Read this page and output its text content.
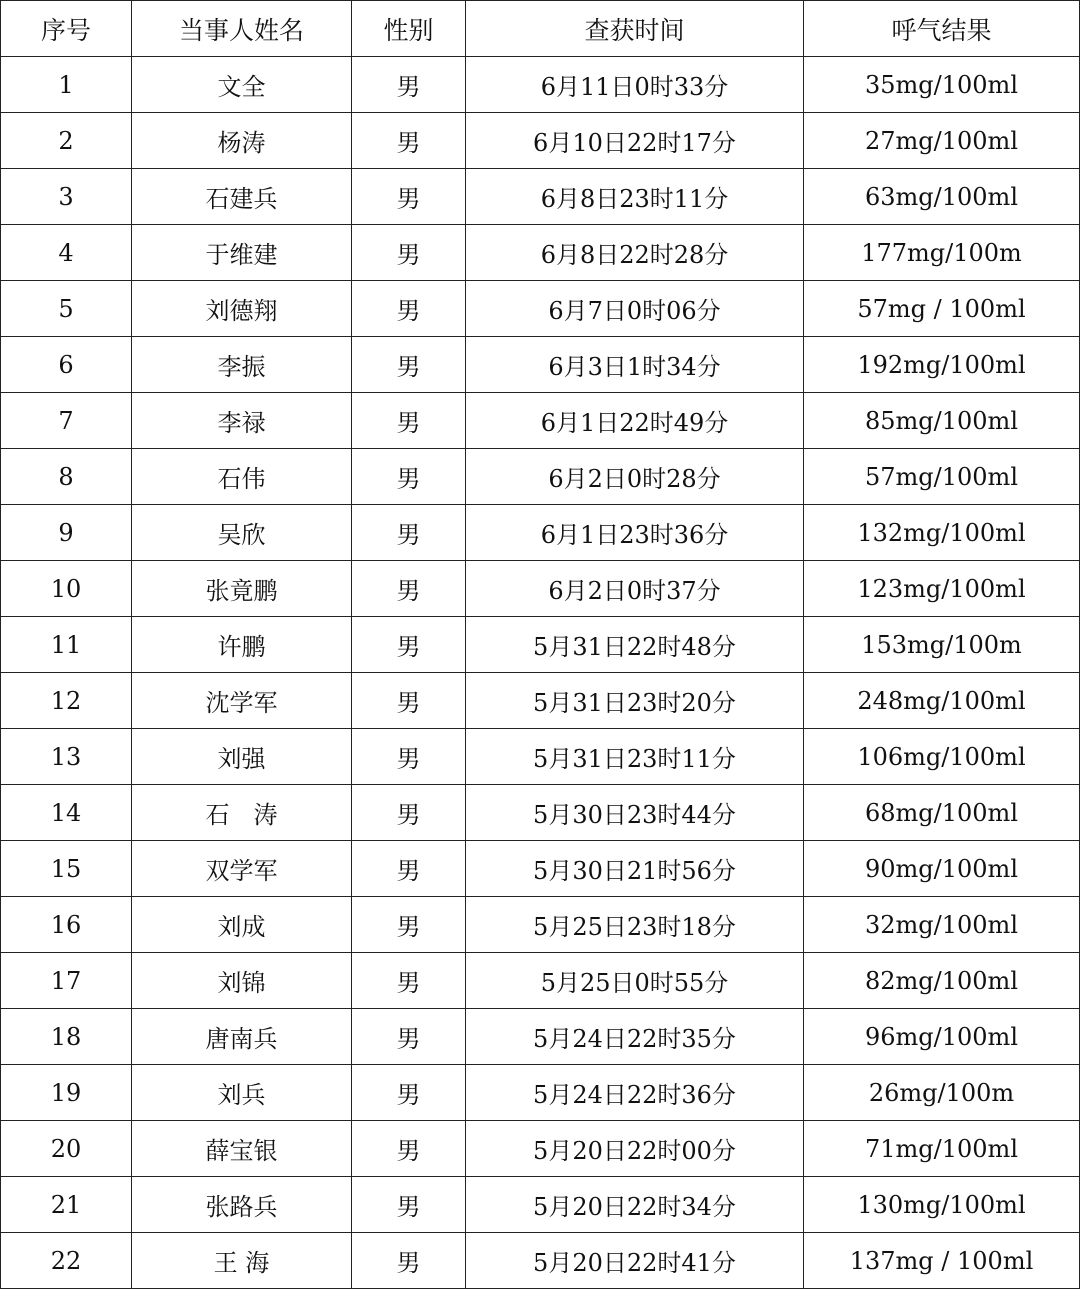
序号	当事人姓名	性别	查获时间	呼气结果
1	文全	男	6月11日0时33分	35mg/100ml
2	杨涛	男	6月10日22时17分	27mg/100ml
3	石建兵	男	6月8日23时11分	63mg/100ml
4	于维建	男	6月8日22时28分	177mg/100m
5	刘德翔	男	6月7日0时06分	57mg / 100ml
6	李振	男	6月3日1时34分	192mg/100ml
7	李禄	男	6月1日22时49分	85mg/100ml
8	石伟	男	6月2日0时28分	57mg/100ml
9	吴欣	男	6月1日23时36分	132mg/100ml
10	张竟鹏	男	6月2日0时37分	123mg/100ml
11	许鹏	男	5月31日22时48分	153mg/100m
12	沈学军	男	5月31日23时20分	248mg/100ml
13	刘强	男	5月31日23时11分	106mg/100ml
14	石　涛	男	5月30日23时44分	68mg/100ml
15	双学军	男	5月30日21时56分	90mg/100ml
16	刘成	男	5月25日23时18分	32mg/100ml
17	刘锦	男	5月25日0时55分	82mg/100ml
18	唐南兵	男	5月24日22时35分	96mg/100ml
19	刘兵	男	5月24日22时36分	26mg/100m
20	薛宝银	男	5月20日22时00分	71mg/100ml
21	张路兵	男	5月20日22时34分	130mg/100ml
22	王 海	男	5月20日22时41分	137mg / 100ml
